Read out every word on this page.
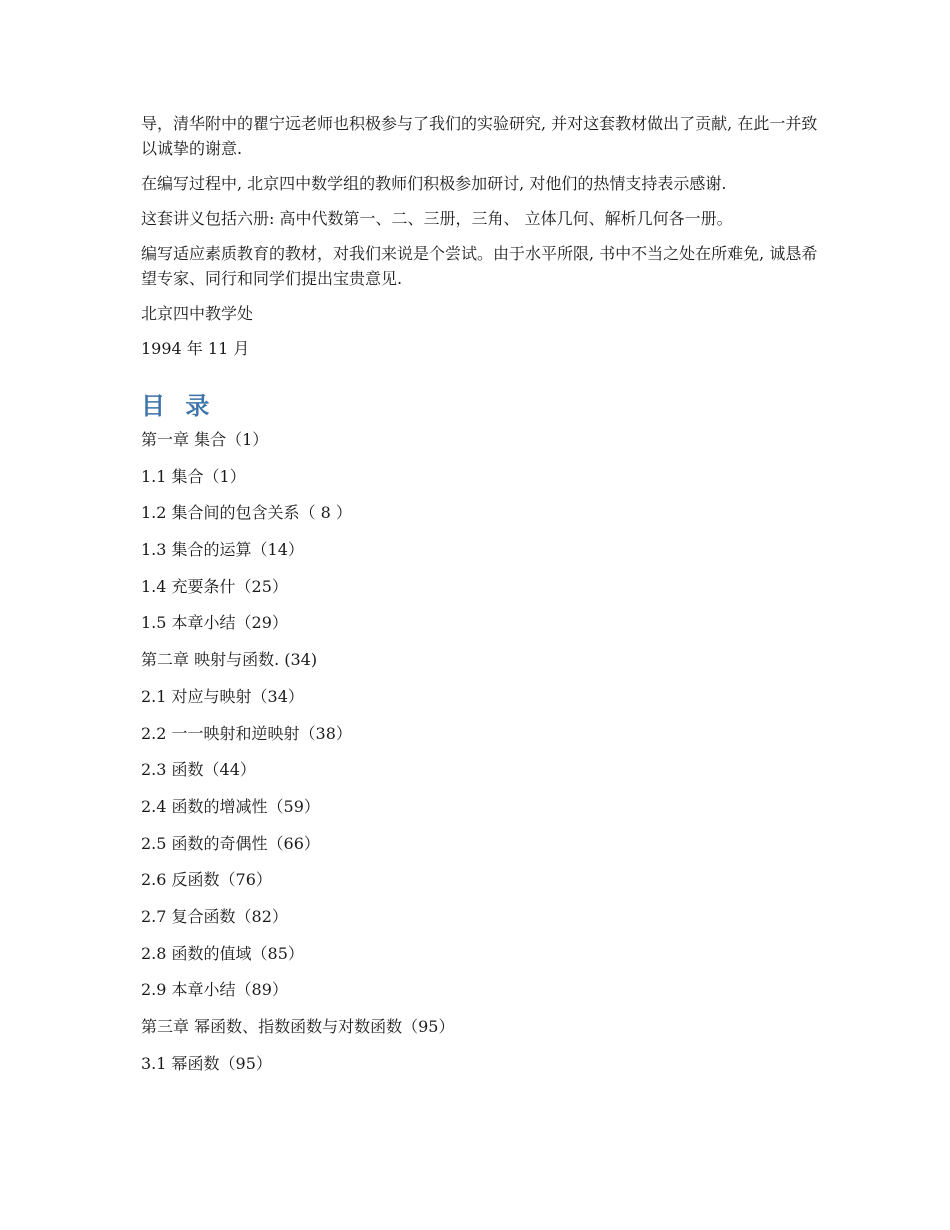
导，清华附中的瞿宁远老师也积极参与了我们的实验研究, 并对这套教材做出了贡献, 在此一并致以诚挚的谢意.

在编写过程中, 北京四中数学组的教师们积极参加研讨, 对他们的热情支持表示感谢.

这套讲义包括六册: 高中代数第一、二、三册，三角、 立体几何、解析几何各一册。

编写适应素质教育的教材，对我们来说是个尝试。由于水平所限, 书中不当之处在所难免, 诚恳希望专家、同行和同学们提出宝贵意见.

北京四中教学处

1994 年 11 月

目 录
第一章 集合（1）
1.1 集合（1）
1.2 集合间的包含关系（ 8 ）
1.3 集合的运算（14）
1.4 充要条什（25）
1.5 本章小结（29）
第二章 映射与函数. (34)
2.1 对应与映射（34）
2.2 一一映射和逆映射（38）
2.3 函数（44）
2.4 函数的增减性（59）
2.5 函数的奇偶性（66）
2.6 反函数（76）
2.7 复合函数（82）
2.8 函数的值域（85）
2.9 本章小结（89）
第三章 幂函数、指数函数与对数函数（95）
3.1 幂函数（95）
